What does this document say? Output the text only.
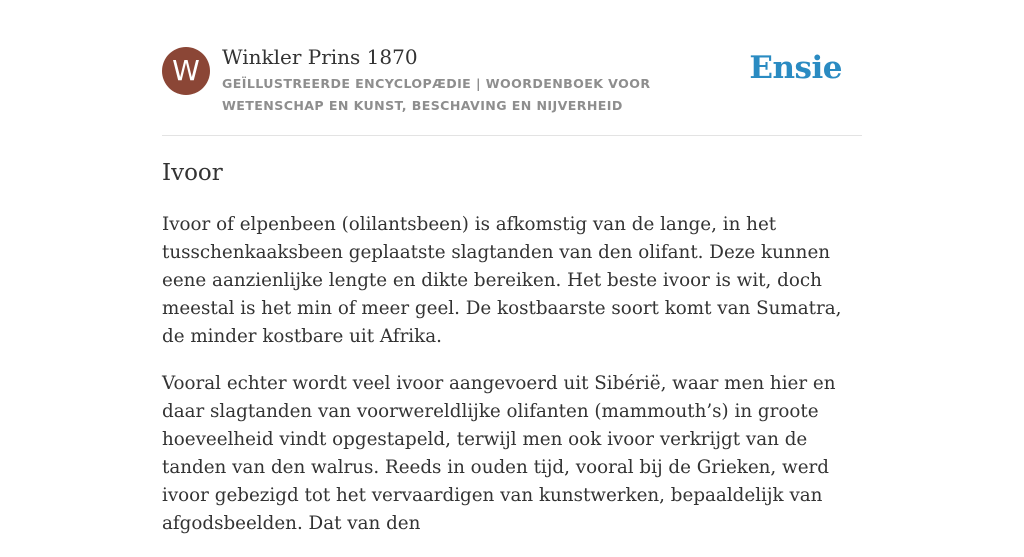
W	Winkler Prins 1870
GEÏLLUSTREERDE ENCYCLOPÆDIE | WOORDENBOEK VOOR WETENSCHAP EN KUNST, BESCHAVING EN NIJVERHEID
Ensie
Ivoor

Ivoor of elpenbeen (olilantsbeen) is afkomstig van de lange, in het tusschenkaaksbeen geplaatste slagtanden van den olifant. Deze kunnen eene aanzienlijke lengte en dikte bereiken. Het beste ivoor is wit, doch meestal is het min of meer geel. De kostbaarste soort komt van Sumatra, de minder kostbare uit Afrika.

Vooral echter wordt veel ivoor aangevoerd uit Sibérië, waar men hier en daar slagtanden van voorwereldlijke olifanten (mammouth’s) in groote hoeveelheid vindt opgestapeld, terwijl men ook ivoor verkrijgt van de tanden van den walrus. Reeds in ouden tijd, vooral bij de Grieken, werd ivoor gebezigd tot het vervaardigen van kunstwerken, bepaaldelijk van afgodsbeelden. Dat van den
